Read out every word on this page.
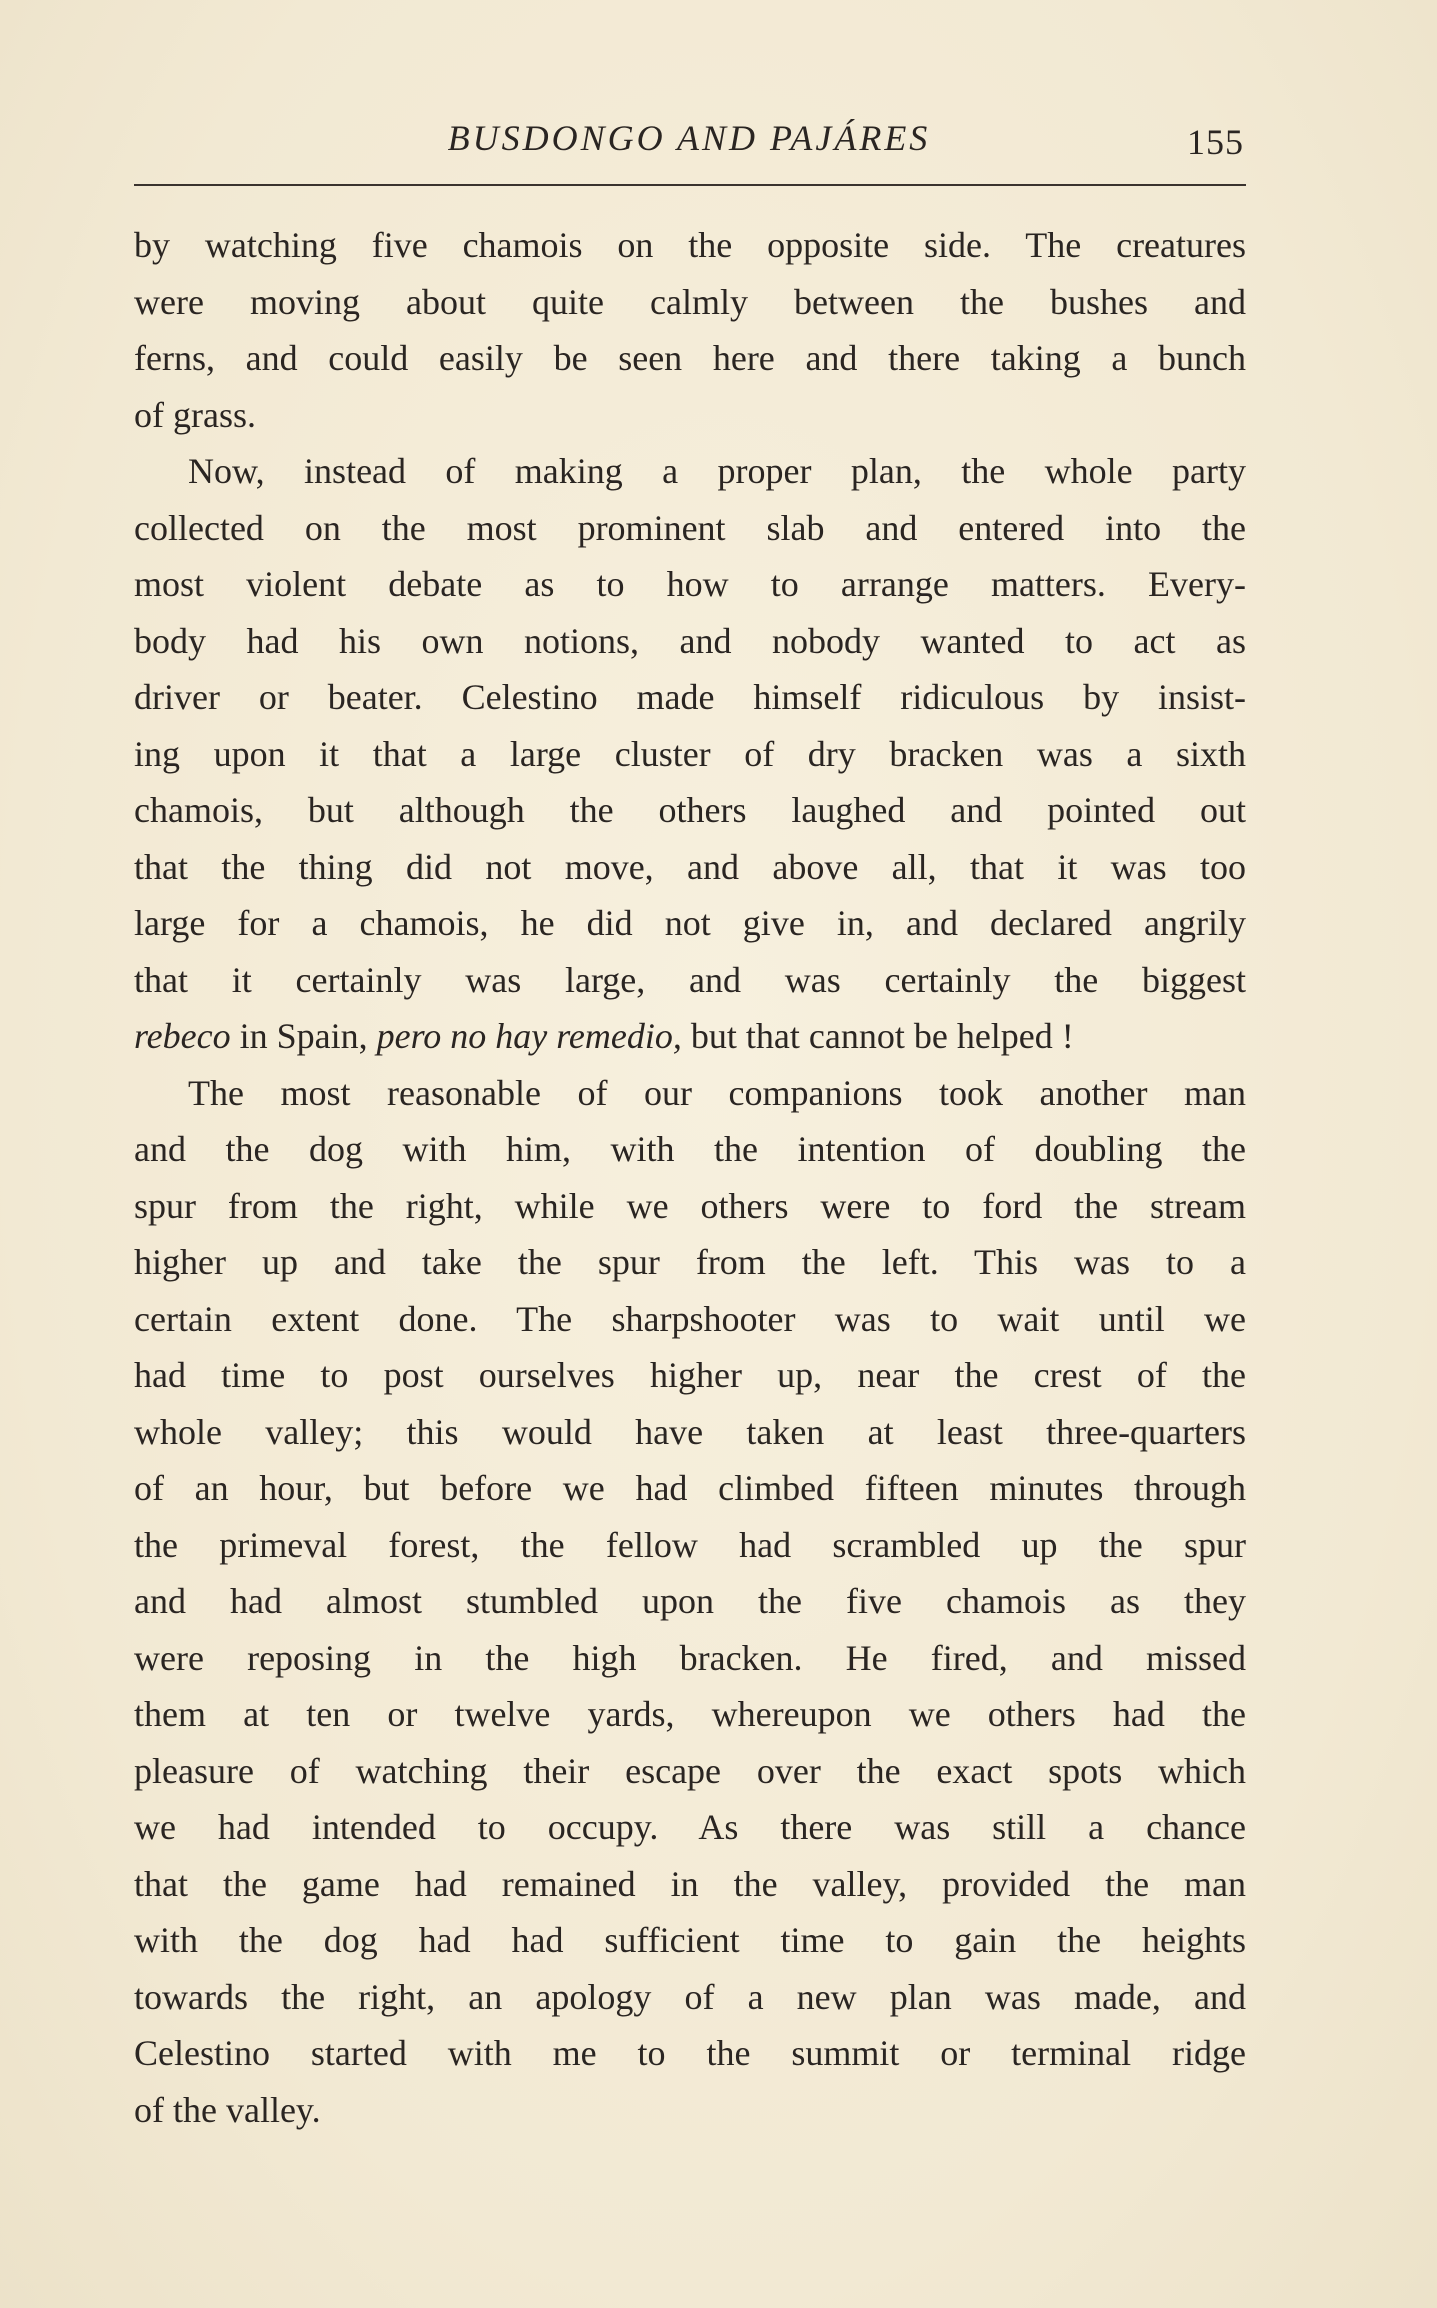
BUSDONGO AND PAJÁRES	155
by watching five chamois on the opposite side. The creatures
were moving about quite calmly between the bushes and
ferns, and could easily be seen here and there taking a bunch
of grass.
Now, instead of making a proper plan, the whole party
collected on the most prominent slab and entered into the
most violent debate as to how to arrange matters. Every-
body had his own notions, and nobody wanted to act as
driver or beater. Celestino made himself ridiculous by insist-
ing upon it that a large cluster of dry bracken was a sixth
chamois, but although the others laughed and pointed out
that the thing did not move, and above all, that it was too
large for a chamois, he did not give in, and declared angrily
that it certainly was large, and was certainly the biggest
rebeco in Spain, pero no hay remedio, but that cannot be helped !
The most reasonable of our companions took another man
and the dog with him, with the intention of doubling the
spur from the right, while we others were to ford the stream
higher up and take the spur from the left. This was to a
certain extent done. The sharpshooter was to wait until we
had time to post ourselves higher up, near the crest of the
whole valley; this would have taken at least three-quarters
of an hour, but before we had climbed fifteen minutes through
the primeval forest, the fellow had scrambled up the spur
and had almost stumbled upon the five chamois as they
were reposing in the high bracken. He fired, and missed
them at ten or twelve yards, whereupon we others had the
pleasure of watching their escape over the exact spots which
we had intended to occupy. As there was still a chance
that the game had remained in the valley, provided the man
with the dog had had sufficient time to gain the heights
towards the right, an apology of a new plan was made, and
Celestino started with me to the summit or terminal ridge
of the valley.
